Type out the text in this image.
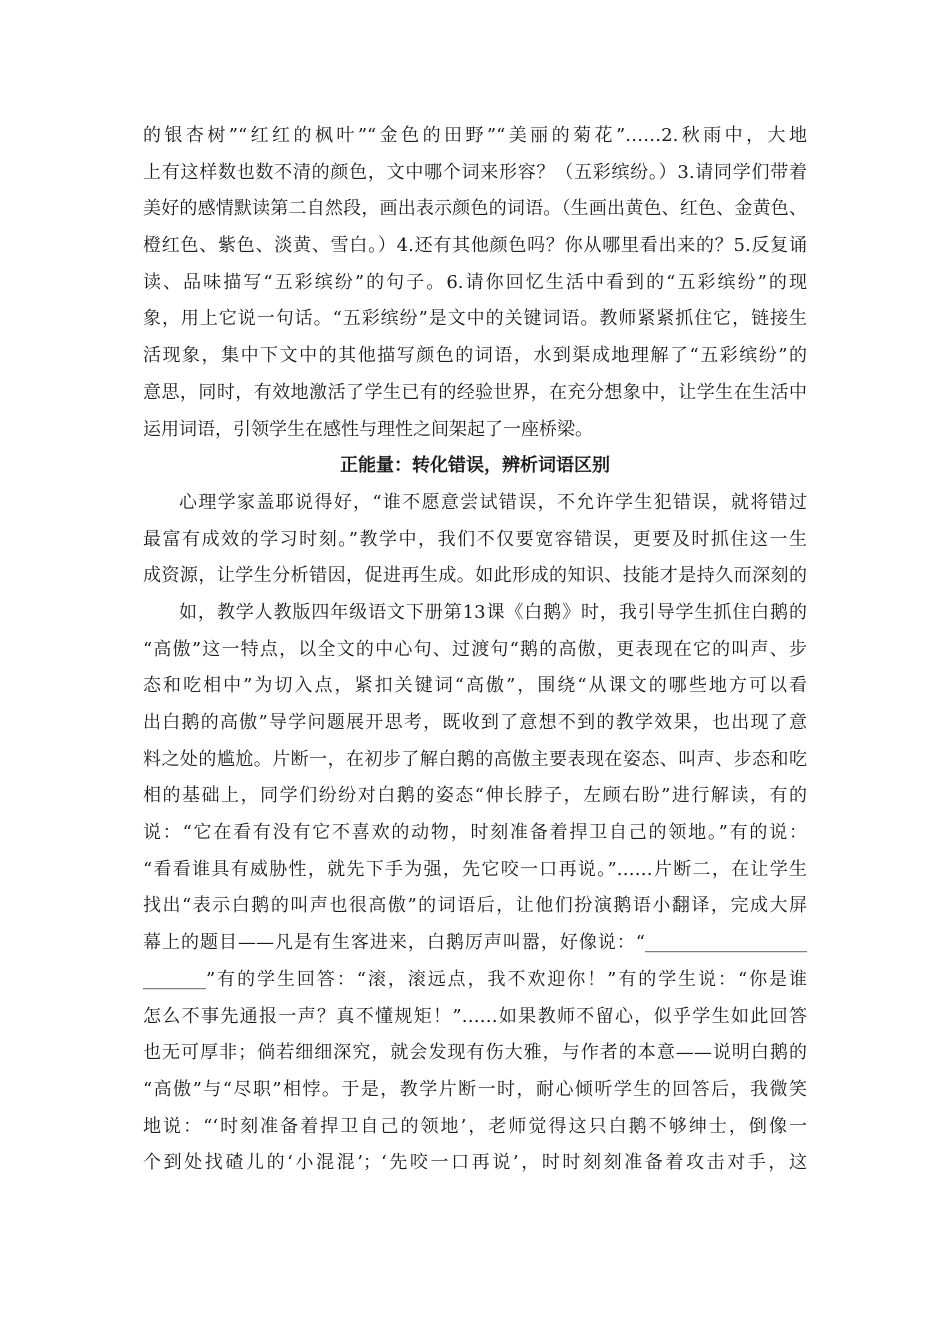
的银杏树”“红红的枫叶”“金色的田野”“美丽的菊花”……2.秋雨中，大地
上有这样数也数不清的颜色，文中哪个词来形容？（五彩缤纷。）3.请同学们带着
美好的感情默读第二自然段，画出表示颜色的词语。（生画出黄色、红色、金黄色、
橙红色、紫色、淡黄、雪白。）4.还有其他颜色吗？你从哪里看出来的？5.反复诵
读、品味描写“五彩缤纷”的句子。6.请你回忆生活中看到的“五彩缤纷”的现
象，用上它说一句话。“五彩缤纷”是文中的关键词语。教师紧紧抓住它，链接生
活现象，集中下文中的其他描写颜色的词语，水到渠成地理解了“五彩缤纷”的
意思，同时，有效地激活了学生已有的经验世界，在充分想象中，让学生在生活中
运用词语，引领学生在感性与理性之间架起了一座桥梁。
正能量：转化错误，辨析词语区别
心理学家盖耶说得好，“谁不愿意尝试错误，不允许学生犯错误，就将错过
最富有成效的学习时刻。”教学中，我们不仅要宽容错误，更要及时抓住这一生
成资源，让学生分析错因，促进再生成。如此形成的知识、技能才是持久而深刻的
如，教学人教版四年级语文下册第13课《白鹅》时，我引导学生抓住白鹅的
“高傲”这一特点，以全文的中心句、过渡句“鹅的高傲，更表现在它的叫声、步
态和吃相中”为切入点，紧扣关键词“高傲”，围绕“从课文的哪些地方可以看
出白鹅的高傲”导学问题展开思考，既收到了意想不到的教学效果，也出现了意
料之处的尴尬。片断一，在初步了解白鹅的高傲主要表现在姿态、叫声、步态和吃
相的基础上，同学们纷纷对白鹅的姿态“伸长脖子，左顾右盼”进行解读，有的
说：“它在看有没有它不喜欢的动物，时刻准备着捍卫自己的领地。”有的说：
“看看谁具有威胁性，就先下手为强，先它咬一口再说。”……片断二，在让学生
找出“表示白鹅的叫声也很高傲”的词语后，让他们扮演鹅语小翻译，完成大屏
幕上的题目——凡是有生客进来，白鹅厉声叫嚣，好像说：“__________________
_______”有的学生回答：“滚，滚远点，我不欢迎你！”有的学生说：“你是谁
怎么不事先通报一声？真不懂规矩！”……如果教师不留心，似乎学生如此回答
也无可厚非；倘若细细深究，就会发现有伤大雅，与作者的本意——说明白鹅的
“高傲”与“尽职”相悖。于是，教学片断一时，耐心倾听学生的回答后，我微笑
地说：“‘时刻准备着捍卫自己的领地’，老师觉得这只白鹅不够绅士，倒像一
个到处找碴儿的‘小混混’；‘先咬一口再说’，时时刻刻准备着攻击对手，这
